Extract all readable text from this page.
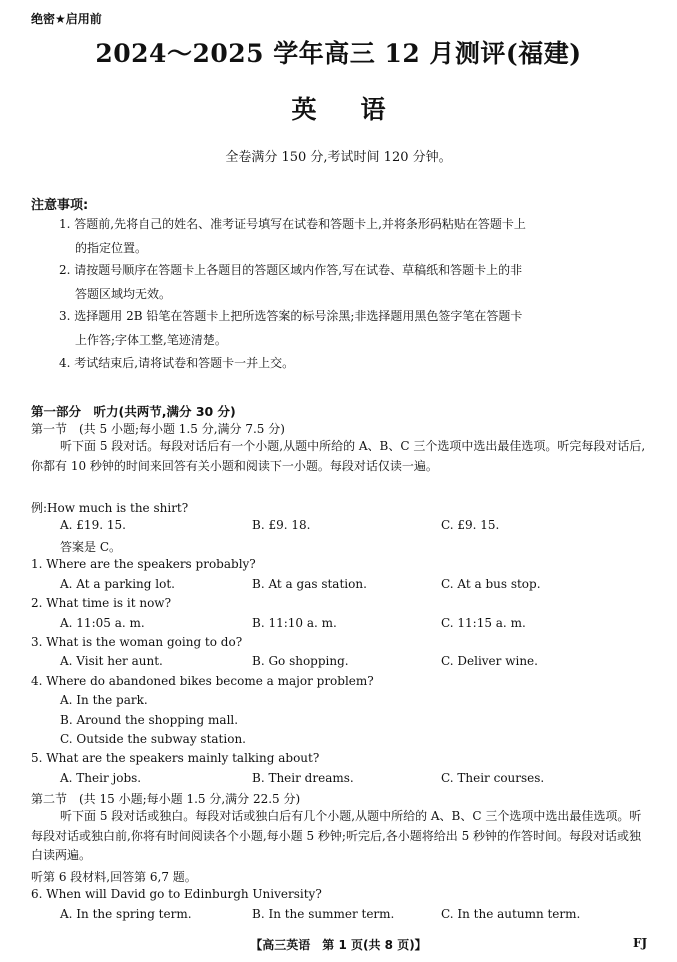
绝密★启用前
2024～2025 学年高三 12 月测评(福建)
英 语
全卷满分 150 分,考试时间 120 分钟。
注意事项:
1. 答题前,先将自己的姓名、准考证号填写在试卷和答题卡上,并将条形码粘贴在答题卡上
的指定位置。
2. 请按题号顺序在答题卡上各题目的答题区域内作答,写在试卷、草稿纸和答题卡上的非
答题区域均无效。
3. 选择题用 2B 铅笔在答题卡上把所选答案的标号涂黑;非选择题用黑色签字笔在答题卡
上作答;字体工整,笔迹清楚。
4. 考试结束后,请将试卷和答题卡一并上交。
第一部分　听力(共两节,满分 30 分)
第一节　(共 5 小题;每小题 1.5 分,满分 7.5 分)
听下面 5 段对话。每段对话后有一个小题,从题中所给的 A、B、C 三个选项中选出最佳选项。听完每段对话后,你都有 10 秒钟的时间来回答有关小题和阅读下一小题。每段对话仅读一遍。
例:How much is the shirt?
A. £19. 15.	B. £9. 18.	C. £9. 15.
答案是 C。
1. Where are the speakers probably?
A. At a parking lot.	B. At a gas station.	C. At a bus stop.
2. What time is it now?
A. 11:05 a. m.	B. 11:10 a. m.	C. 11:15 a. m.
3. What is the woman going to do?
A. Visit her aunt.	B. Go shopping.	C. Deliver wine.
4. Where do abandoned bikes become a major problem?
A. In the park.
B. Around the shopping mall.
C. Outside the subway station.
5. What are the speakers mainly talking about?
A. Their jobs.	B. Their dreams.	C. Their courses.
第二节　(共 15 小题;每小题 1.5 分,满分 22.5 分)
听下面 5 段对话或独白。每段对话或独白后有几个小题,从题中所给的 A、B、C 三个选项中选出最佳选项。听每段对话或独白前,你将有时间阅读各个小题,每小题 5 秒钟;听完后,各小题将给出 5 秒钟的作答时间。每段对话或独白读两遍。
听第 6 段材料,回答第 6,7 题。
6. When will David go to Edinburgh University?
A. In the spring term.	B. In the summer term.	C. In the autumn term.
【高三英语　第 1 页(共 8 页)】	FJ
